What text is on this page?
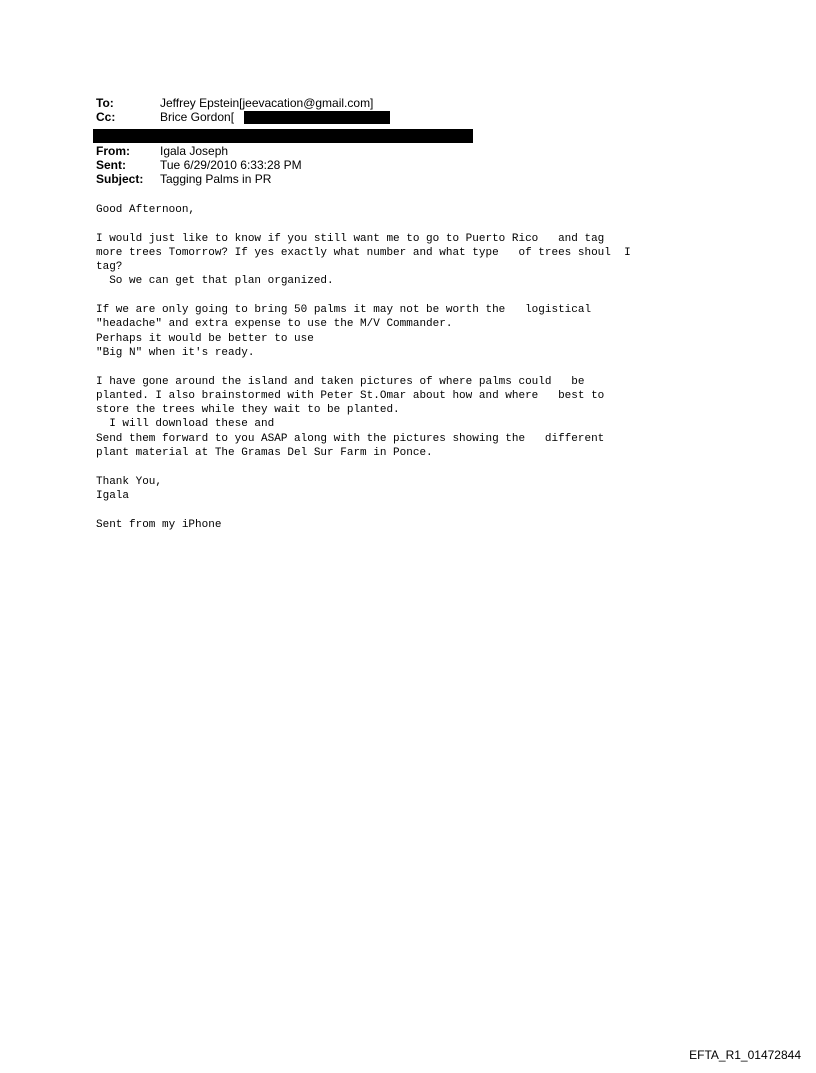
To:	Jeffrey Epstein[jeevacation@gmail.com]
Cc:	Brice Gordon[
From:	Igala Joseph
Sent:	Tue 6/29/2010 6:33:28 PM
Subject: Tagging Palms in PR
Good Afternoon,
I would just like to know if you still want me to go to Puerto Rico   and tag
more trees Tomorrow? If yes exactly what number and what type   of trees shoul  I
tag?
So we can get that plan organized.
If we are only going to bring 50 palms it may not be worth the   logistical
"headache" and extra expense to use the M/V Commander.
Perhaps it would be better to use
"Big N" when it's ready.
I have gone around the island and taken pictures of where palms could   be
planted. I also brainstormed with Peter St.Omar about how and where   best to
store the trees while they wait to be planted.
I will download these and
Send them forward to you ASAP along with the pictures showing the   different
plant material at The Gramas Del Sur Farm in Ponce.
Thank You,
Igala
Sent from my iPhone
EFTA_R1_01472844
